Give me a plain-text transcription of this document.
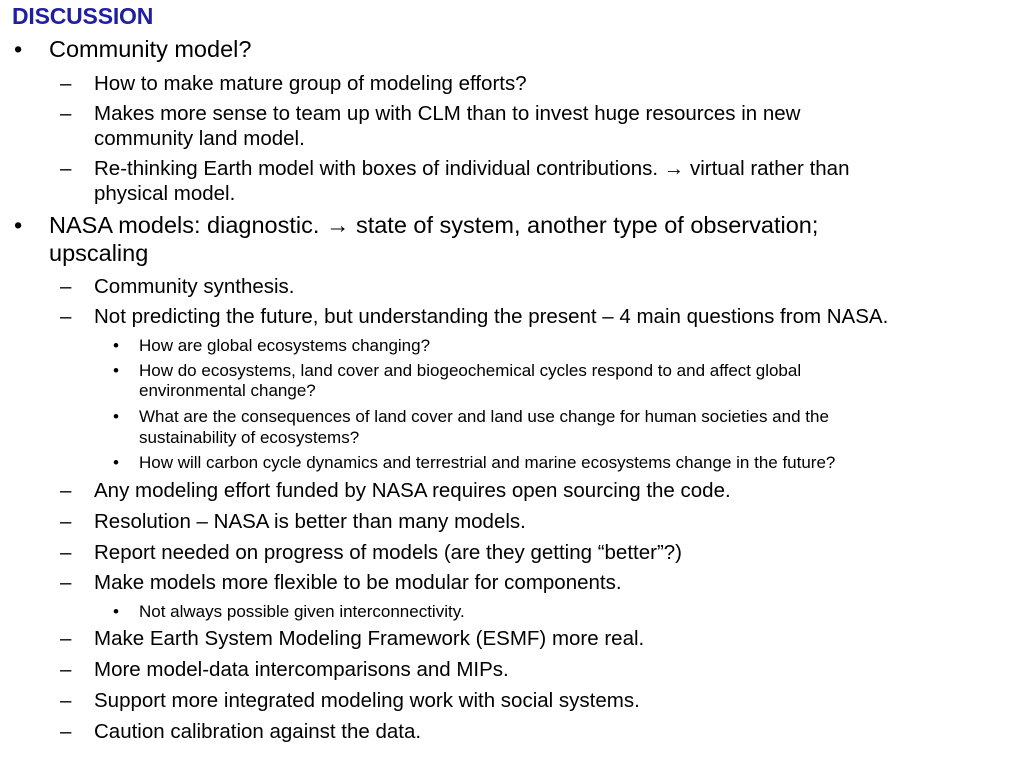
DISCUSSION
•	Community model?
–	How to make mature group of modeling efforts?
–	Makes more sense to team up with CLM than to invest huge resources in new
community land model.
–	Re-thinking Earth model with boxes of individual contributions. → virtual rather than
physical model.
•	NASA models: diagnostic. → state of system, another type of observation;
upscaling
–	Community synthesis.
–	Not predicting the future, but understanding the present – 4 main questions from NASA.
•	How are global ecosystems changing?
•	How do ecosystems, land cover and biogeochemical cycles respond to and affect global
environmental change?
•	What are the consequences of land cover and land use change for human societies and the
sustainability of ecosystems?
•	How will carbon cycle dynamics and terrestrial and marine ecosystems change in the future?
–	Any modeling effort funded by NASA requires open sourcing the code.
–	Resolution – NASA is better than many models.
–	Report needed on progress of models (are they getting “better”?)
–	Make models more flexible to be modular for components.
•	Not always possible given interconnectivity.
–	Make Earth System Modeling Framework (ESMF) more real.
–	More model-data intercomparisons and MIPs.
–	Support more integrated modeling work with social systems.
–	Caution calibration against the data.
